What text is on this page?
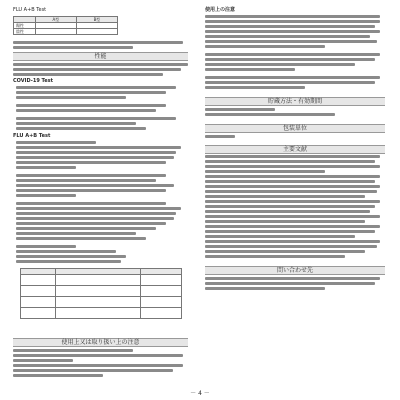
FLU A+B Test
	A型	B型
陽性		
陰性		
性能
COVID-19 Test
FLU A+B Test

使用上又は取り扱い上の注意
使用上の注意
貯蔵方法・有効期間
包装単位
主要文献
問い合わせ先
－ 4 －
